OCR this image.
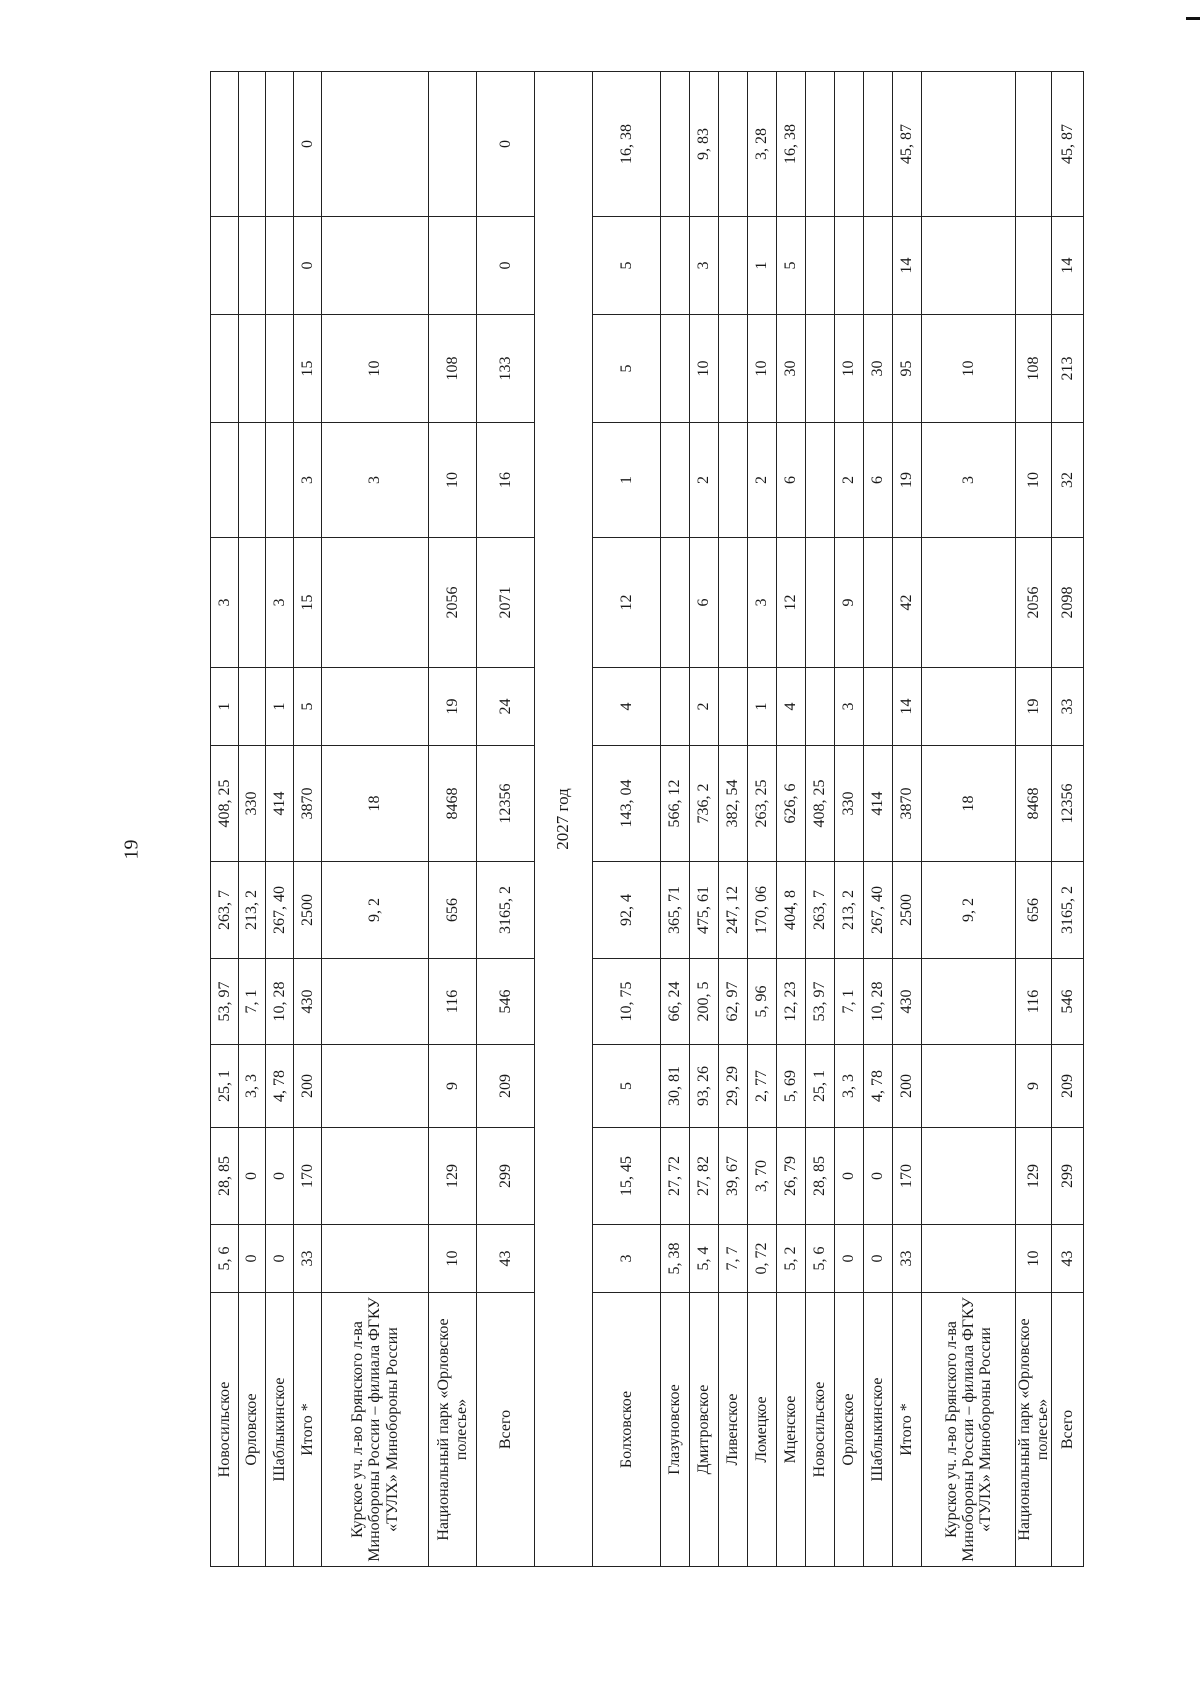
19
Новосильское	5, 6	28, 85	25, 1	53, 97	263, 7	408, 25	1	3				
Орловское	0	0	3, 3	7, 1	213, 2	330						
Шаблыкинское	0	0	4, 78	10, 28	267, 40	414	1	3				
Итого *	33	170	200	430	2500	3870	5	15	3	15	0	0
Курское уч. л-во Брянского л-ва Минобороны России – филиала ФГКУ «ТУЛХ» Минобороны России					9, 2	18			3	10		
Национальный парк «Орловское полесье»	10	129	9	116	656	8468	19	2056	10	108		
Всего	43	299	209	546	3165, 2	12356	24	2071	16	133	0	0
2027 год												
Болховское	3	15, 45	5	10, 75	92, 4	143, 04	4	12	1	5	5	16, 38
Глазуновское	5, 38	27, 72	30, 81	66, 24	365, 71	566, 12						
Дмитровское	5, 4	27, 82	93, 26	200, 5	475, 61	736, 2	2	6	2	10	3	9, 83
Ливенское	7, 7	39, 67	29, 29	62, 97	247, 12	382, 54						
Ломецкое	0, 72	3, 70	2, 77	5, 96	170, 06	263, 25	1	3	2	10	1	3, 28
Мценское	5, 2	26, 79	5, 69	12, 23	404, 8	626, 6	4	12	6	30	5	16, 38
Новосильское	5, 6	28, 85	25, 1	53, 97	263, 7	408, 25						
Орловское	0	0	3, 3	7, 1	213, 2	330	3	9	2	10		
Шаблыкинское	0	0	4, 78	10, 28	267, 40	414			6	30		
Итого *	33	170	200	430	2500	3870	14	42	19	95	14	45, 87
Курское уч. л-во Брянского л-ва Минобороны России – филиала ФГКУ «ТУЛХ» Минобороны России					9, 2	18			3	10		
Национальный парк «Орловское полесье»	10	129	9	116	656	8468	19	2056	10	108		
Всего	43	299	209	546	3165, 2	12356	33	2098	32	213	14	45, 87
